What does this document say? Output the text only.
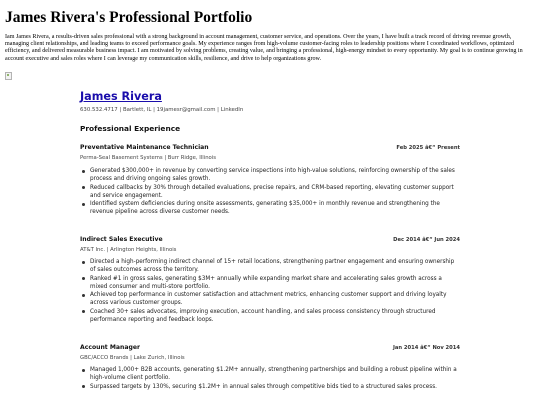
James Rivera's Professional Portfolio

Iam James Rivera, a results-driven sales professional with a strong background in account management, customer service, and operations. Over the years, I have built a track record of driving revenue growth, managing client relationships, and leading teams to exceed performance goals. My experience ranges from high-volume customer-facing roles to leadership positions where I coordinated workflows, optimized efficiency, and delivered measurable business impact. I am motivated by solving problems, creating value, and bringing a professional, high-energy mindset to every opportunity. My goal is to continue growing in account executive and sales roles where I can leverage my communication skills, resilience, and drive to help organizations grow.

James Rivera
630.532.4717 | Bartlett, IL | 19jamesr@gmail.com | LinkedIn
Professional Experience
Preventative Maintenance Technician	Feb 2025 â€“ Present
Perma-Seal Basement Systems | Burr Ridge, Illinois
Generated $300,000+ in revenue by converting service inspections into high-value solutions, reinforcing ownership of the sales process and driving ongoing sales growth.
Reduced callbacks by 30% through detailed evaluations, precise repairs, and CRM-based reporting, elevating customer support and service engagement.
Identified system deficiencies during onsite assessments, generating $35,000+ in monthly revenue and strengthening the revenue pipeline across diverse customer needs.
Indirect Sales Executive	Dec 2014 â€“ Jun 2024
AT&T Inc. | Arlington Heights, Illinois
Directed a high-performing indirect channel of 15+ retail locations, strengthening partner engagement and ensuring ownership of sales outcomes across the territory.
Ranked #1 in gross sales, generating $3M+ annually while expanding market share and accelerating sales growth across a mixed consumer and multi-store portfolio.
Achieved top performance in customer satisfaction and attachment metrics, enhancing customer support and driving loyalty across various customer groups.
Coached 30+ sales advocates, improving execution, account handling, and sales process consistency through structured performance reporting and feedback loops.
Account Manager	Jan 2014 â€“ Nov 2014
GBC/ACCO Brands | Lake Zurich, Illinois
Managed 1,000+ B2B accounts, generating $1.2M+ annually, strengthening partnerships and building a robust pipeline within a high-volume client portfolio.
Surpassed targets by 130%, securing $1.2M+ in annual sales through competitive bids tied to a structured sales process.
